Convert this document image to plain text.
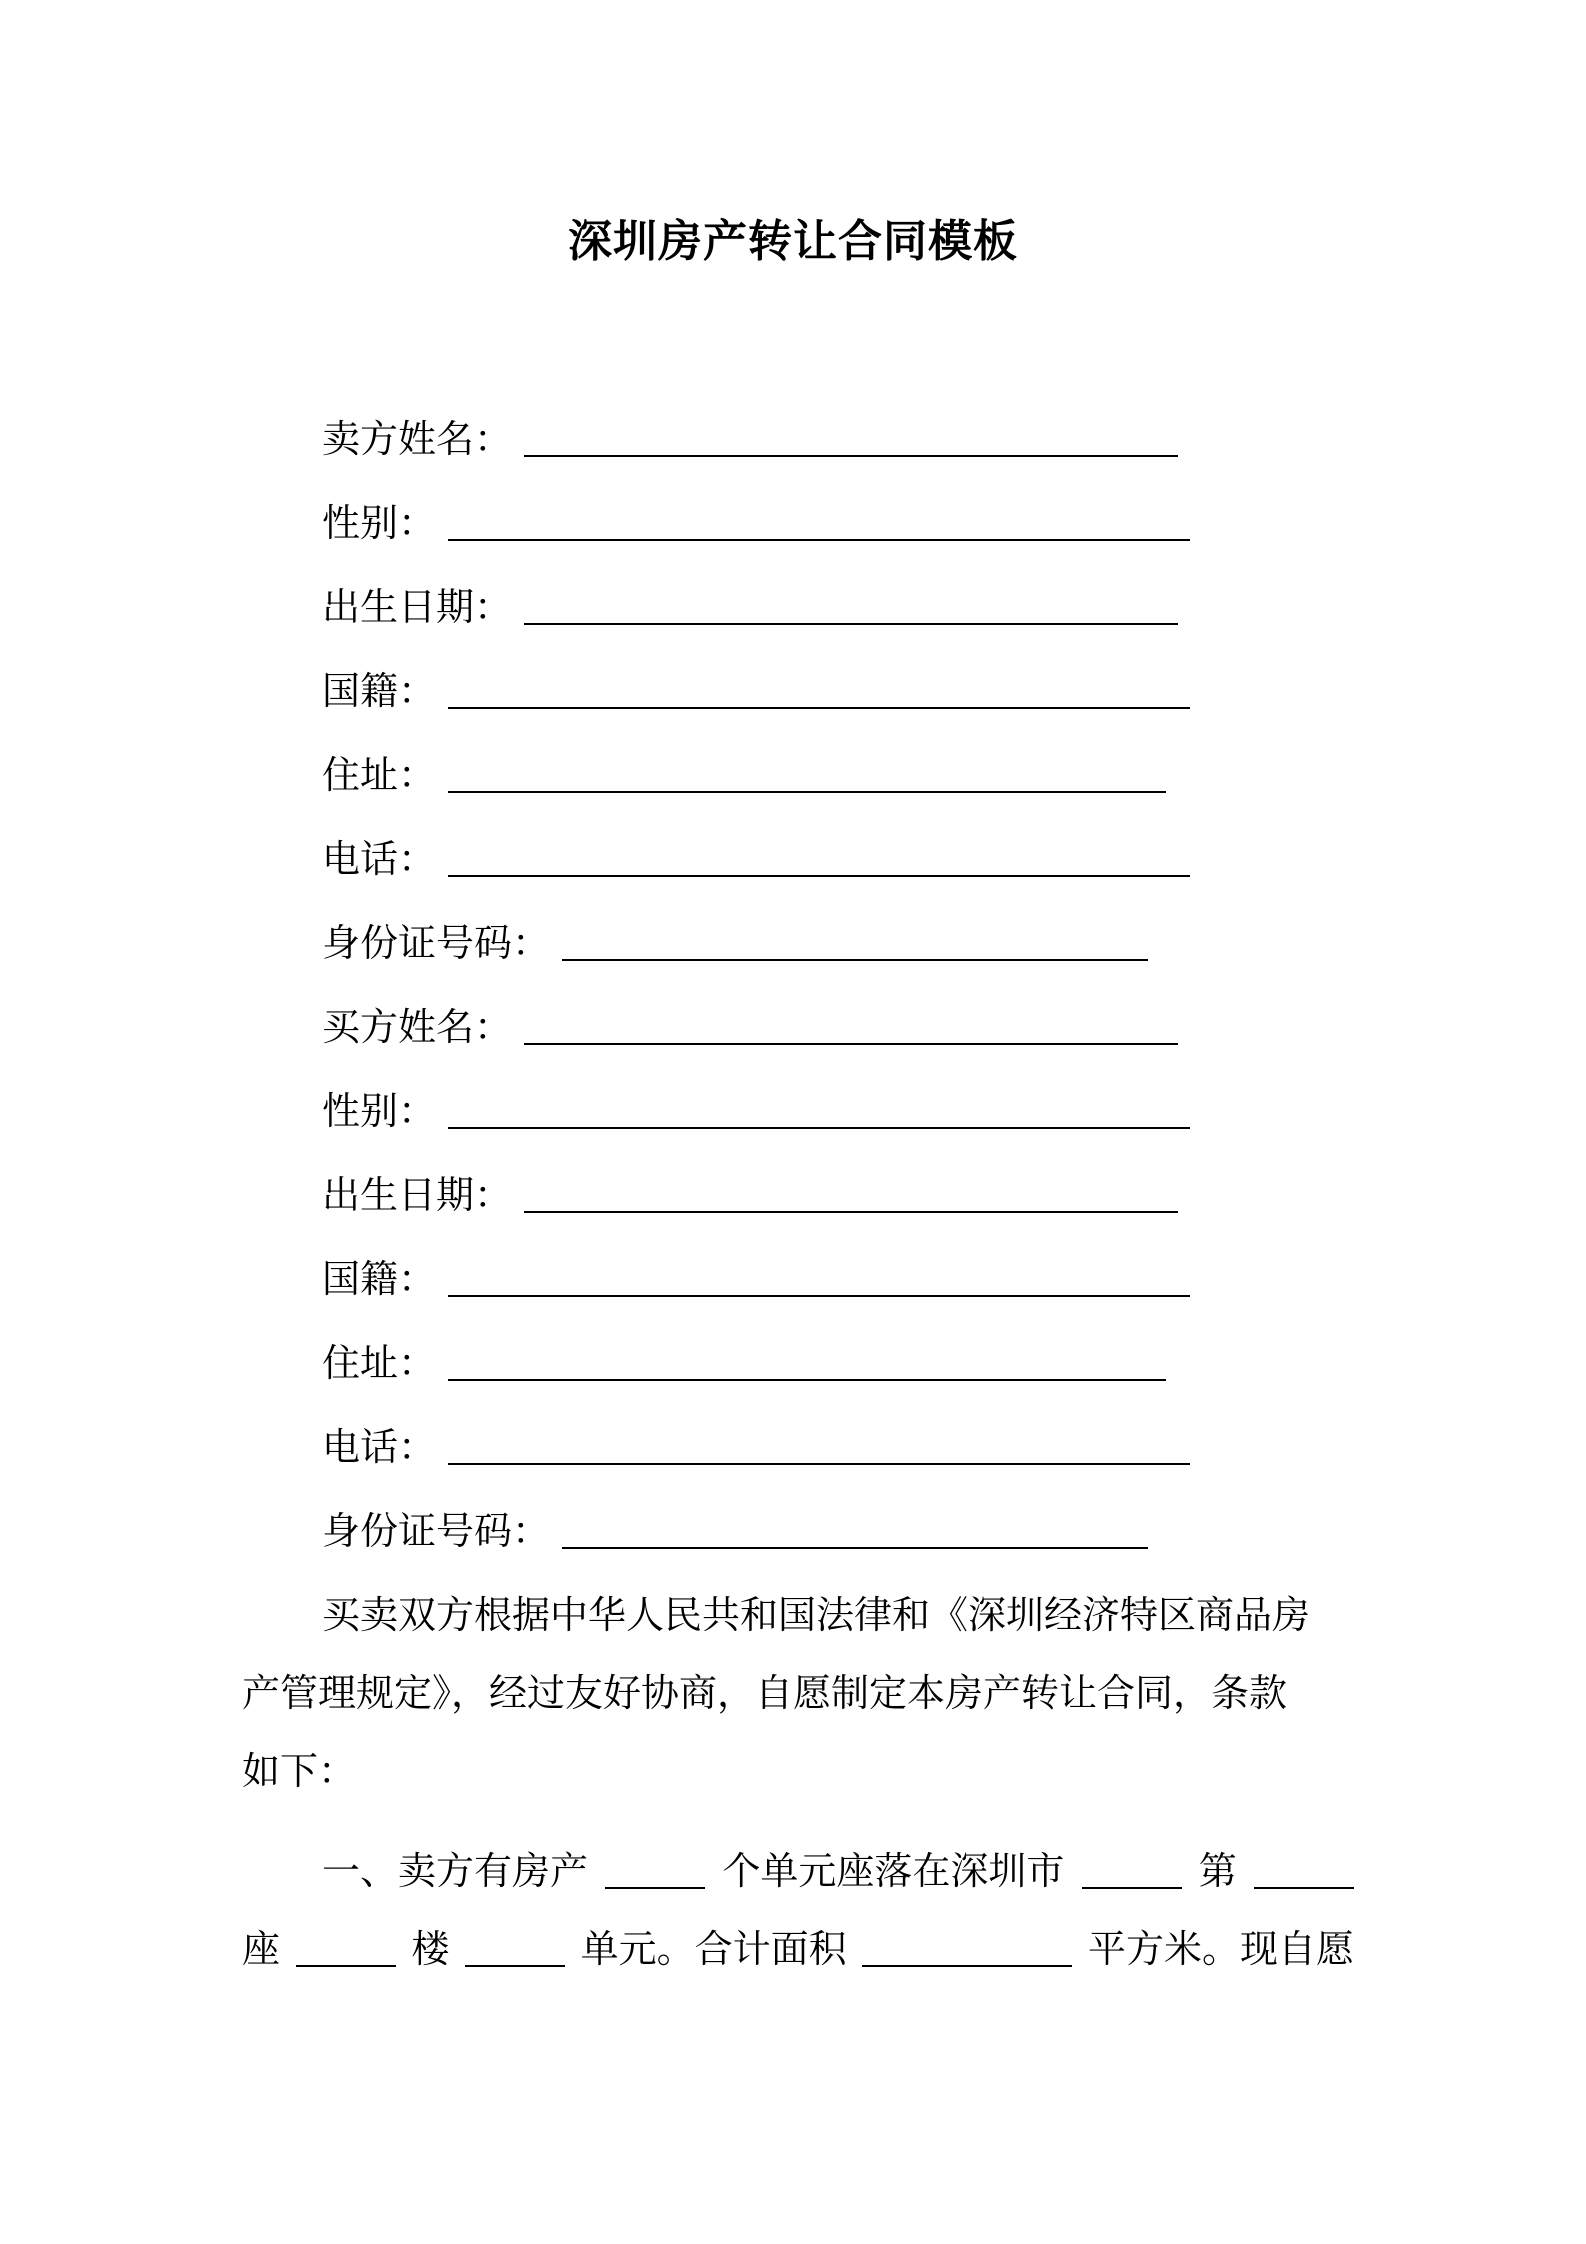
深圳房产转让合同模板
卖方姓名 ：
性别 ：
出生日期 ：
国籍 ：
住址 ：
电话 ：
身份证号码 ：
买方姓名 ：
性别 ：
出生日期 ：
国籍 ：
住址 ：
电话 ：
身份证号码 ：
买卖双方根据中华人民共和国法律和《深圳经济特区商品房
产管理规定》，经过友好协商，自愿制定本房产转让合同，条款
如下：
一、卖方有房产	个单元座落在深圳市	第
座	楼	单元。合计面积	平方米。现自愿
